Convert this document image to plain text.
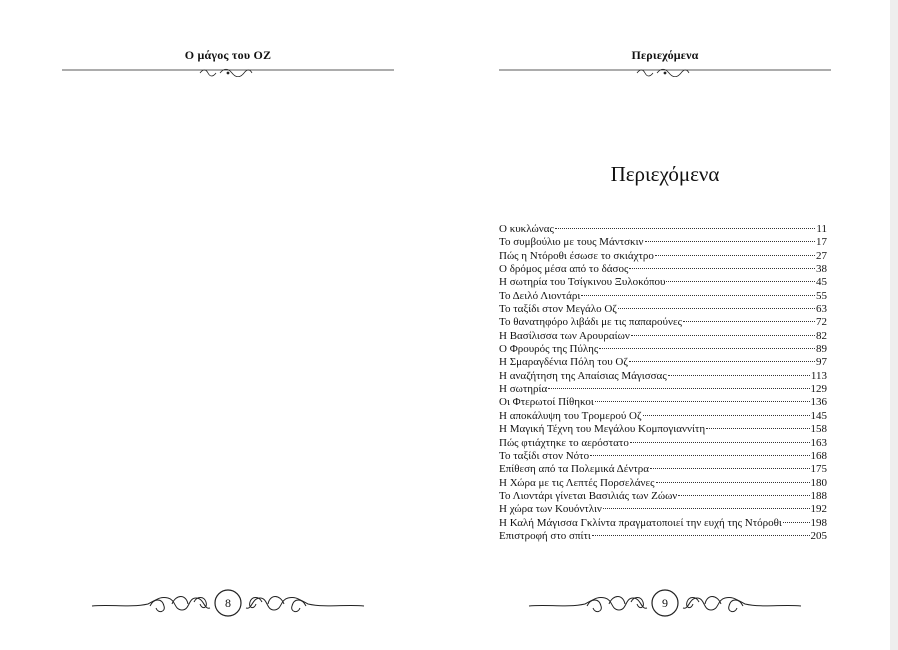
Ο μάγος του ΟΖ
8
Περιεχόμενα
Περιεχόμενα
Ο κυκλώνας	11
Το συμβούλιο με τους Μάντσκιν	17
Πώς η Ντόροθι έσωσε το σκιάχτρο	27
Ο δρόμος μέσα από το δάσος	38
Η σωτηρία του Τσίγκινου Ξυλοκόπου	45
Το Δειλό Λιοντάρι	55
Το ταξίδι στον Μεγάλο Οζ	63
Το θανατηφόρο λιβάδι με τις παπαρούνες	72
Η Βασίλισσα των Αρουραίων	82
Ο Φρουρός της Πύλης	89
Η Σμαραγδένια Πόλη του Οζ	97
Η αναζήτηση της Απαίσιας Μάγισσας	113
Η σωτηρία	129
Οι Φτερωτοί Πίθηκοι	136
Η αποκάλυψη του Τρομερού Οζ	145
Η Μαγική Τέχνη του Μεγάλου Κομπογιαννίτη	158
Πώς φτιάχτηκε το αερόστατο	163
Το ταξίδι στον Νότο	168
Επίθεση από τα Πολεμικά Δέντρα	175
Η Χώρα με τις Λεπτές Πορσελάνες	180
Το Λιοντάρι γίνεται Βασιλιάς των Ζώων	188
Η χώρα των Κουόντλιν	192
Η Καλή Μάγισσα Γκλίντα πραγματοποιεί την ευχή της Ντόροθι	198
Επιστροφή στο σπίτι	205
9
